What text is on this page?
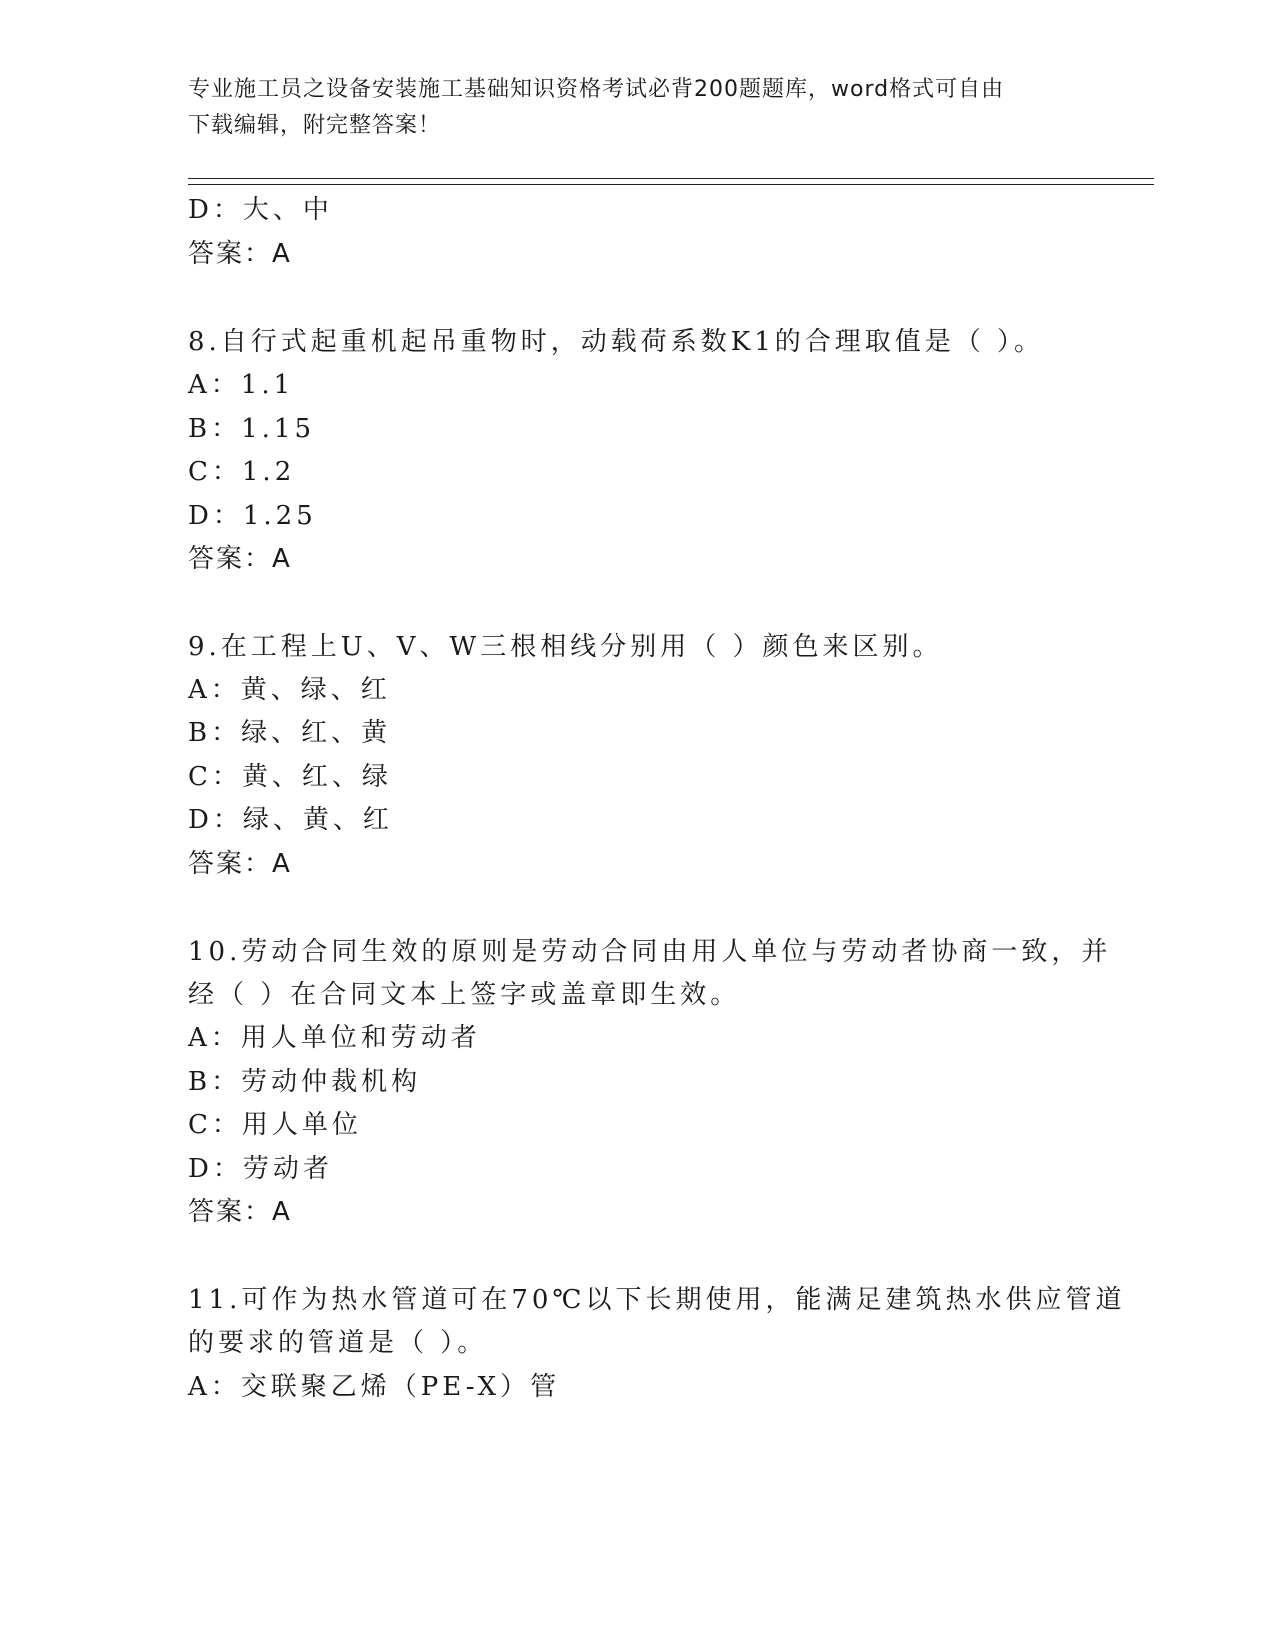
专业施工员之设备安装施工基础知识资格考试必背200题题库，word格式可自由
下载编辑，附完整答案！
D：大、中
答案：A
8.自行式起重机起吊重物时，动载荷系数K1的合理取值是（ ）。
A：1.1
B：1.15
C：1.2
D：1.25
答案：A
9.在工程上U、V、W三根相线分别用（ ）颜色来区别。
A：黄、绿、红
B：绿、红、黄
C：黄、红、绿
D：绿、黄、红
答案：A
10.劳动合同生效的原则是劳动合同由用人单位与劳动者协商一致，并
经（ ）在合同文本上签字或盖章即生效。
A：用人单位和劳动者
B：劳动仲裁机构
C：用人单位
D：劳动者
答案：A
11.可作为热水管道可在70℃以下长期使用，能满足建筑热水供应管道
的要求的管道是（ ）。
A：交联聚乙烯（PE-X）管
